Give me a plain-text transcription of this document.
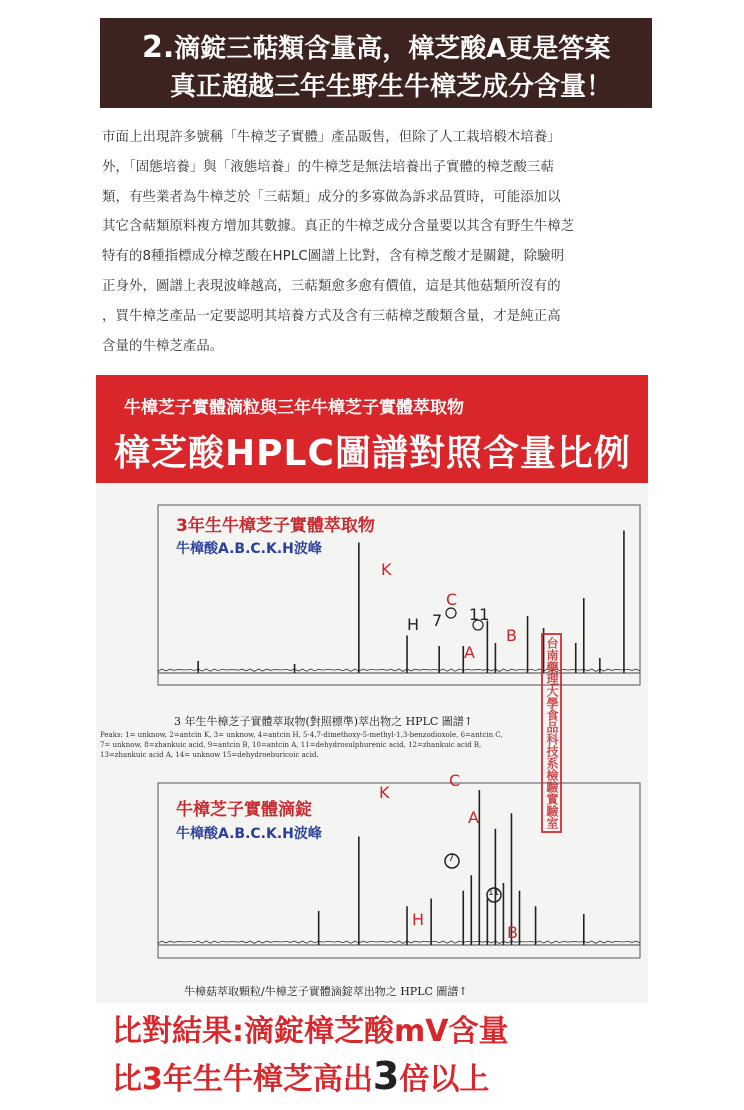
2.滴錠三萜類含量高，樟芝酸A更是答案
真正超越三年生野生牛樟芝成分含量！

市面上出現許多號稱「牛樟芝子實體」產品販售，但除了人工栽培椴木培養」

外，「固態培養」與「液態培養」的牛樟芝是無法培養出子實體的樟芝酸三萜

類，有些業者為牛樟芝於「三萜類」成分的多寡做為訴求品質時，可能添加以

其它含萜類原料複方增加其數據。真正的牛樟芝成分含量要以其含有野生牛樟芝

特有的8種指標成分樟芝酸在HPLC圖譜上比對，含有樟芝酸才是關鍵，除驗明

正身外，圖譜上表現波峰越高，三萜類愈多愈有價值，這是其他菇類所沒有的

，買牛樟芝產品一定要認明其培養方式及含有三萜樟芝酸類含量，才是純正高

含量的牛樟芝產品。

牛樟芝子實體滴粒與三年牛樟芝子實體萃取物
樟芝酸HPLC圖譜對照含量比例
3年生牛樟芝子實體萃取物
牛樟酸A.B.C.K.H波峰
K
C
H 7 11
B
A	台南藥理大學食品科技系檢驗實驗室
3 年生牛樟芝子實體萃取物(對照標準)萃出物之 HPLC 圖譜↑
Peaks: 1= unknow, 2=antcin K, 3= unknow, 4=antcin H, 5-4,7-dimethoxy-5-methyl-1,3-benzodioxole, 6=antcin C,
7= unknow, 8=zhankuic acid, 9=antcin B, 10=antcin A, 11=dehydrosulphurenic acid, 12=zhankuic acid B,
13=zhankuic acid A, 14= unknow 15=dehydroeburicoic acid.
牛樟芝子實體滴錠
牛樟酸A.B.C.K.H波峰
K
C
A
H
B
7
11
牛樟菇萃取顆粒/牛樟芝子實體滴錠萃出物之 HPLC 圖譜↑
比對結果:滴錠樟芝酸mV含量
比3年生牛樟芝高出3倍以上
